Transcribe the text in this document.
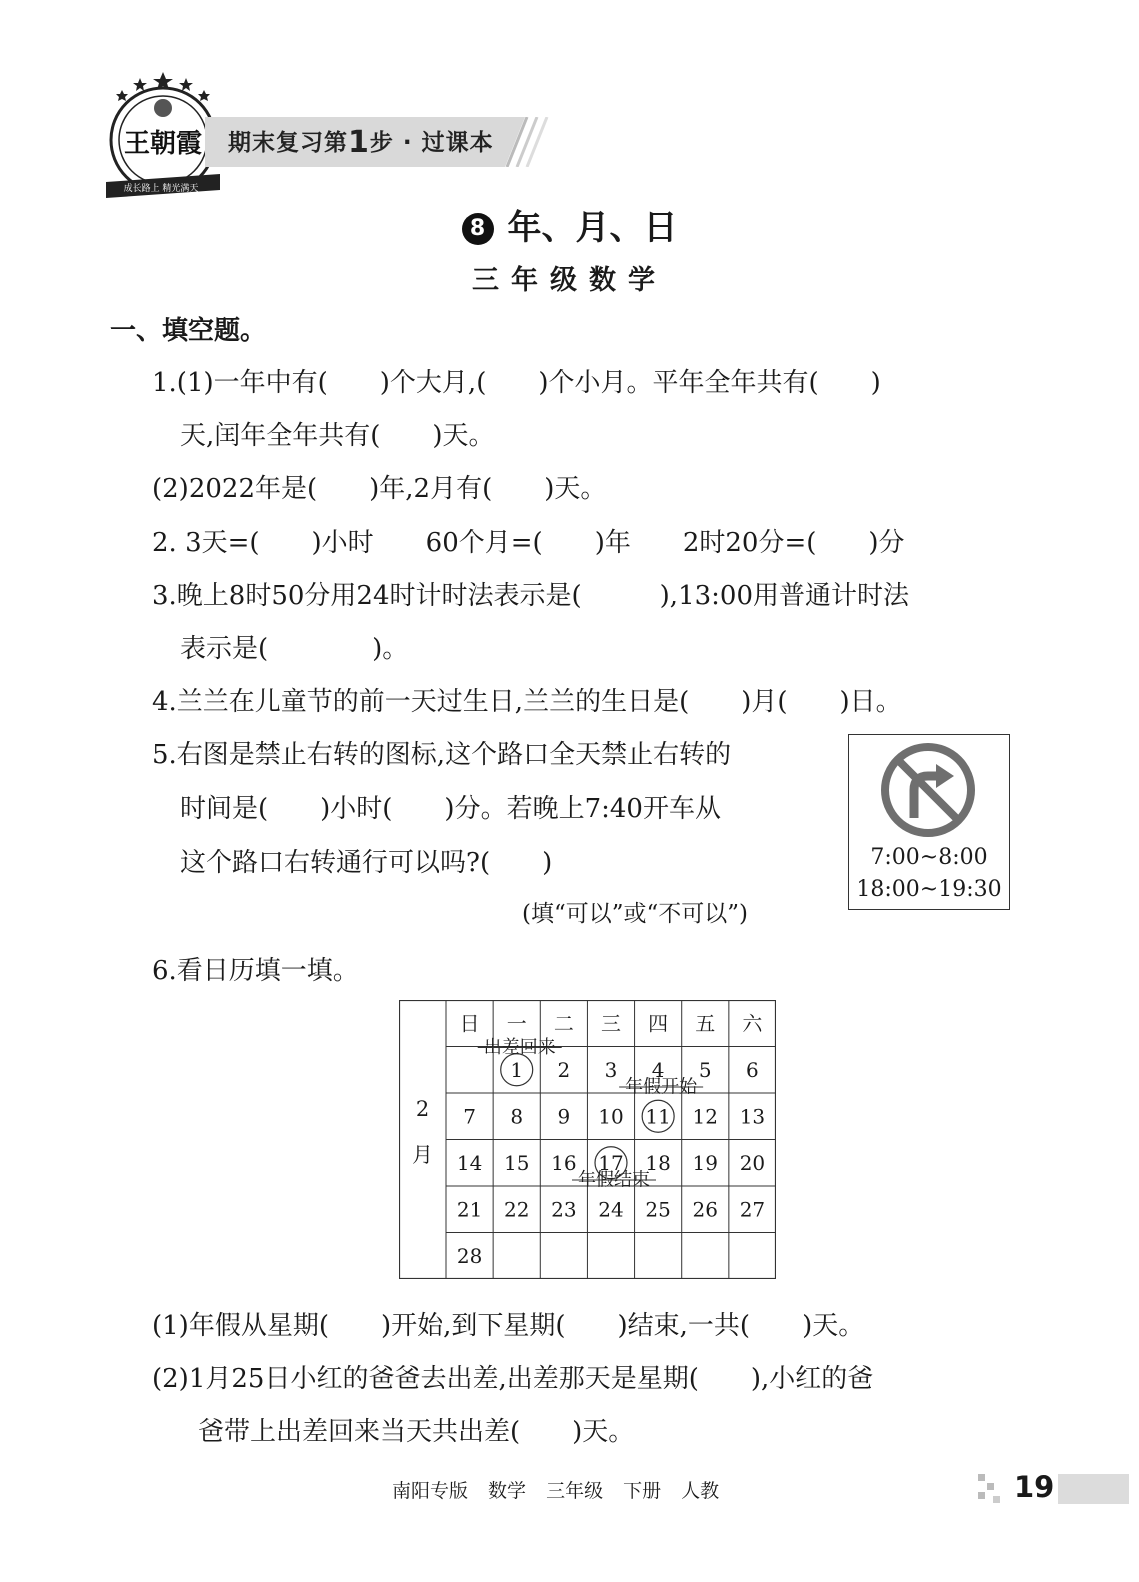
王朝霞
成长路上 精光满天
期末复习第1步 · 过课本
8 年、月、日
三年级数学
一、填空题。
1.(1)一年中有(　　)个大月,(　　)个小月。平年全年共有(　　)
天,闰年全年共有(　　)天。
(2)2022年是(　　)年,2月有(　　)天。
2. 3天=(　　)小时　　60个月=(　　)年　　2时20分=(　　)分
3.晚上8时50分用24时计时法表示是(　　　),13:00用普通计时法
表示是(　　　　)。
4.兰兰在儿童节的前一天过生日,兰兰的生日是(　　)月(　　)日。
5.右图是禁止右转的图标,这个路口全天禁止右转的
时间是(　　)小时(　　)分。若晚上7:40开车从
这个路口右转通行可以吗?(　　)
(填“可以”或“不可以”)
7:00~8:00
18:00~19:30
6.看日历填一填。
2
月
日 一 二 三 四 五 六
1 2 3 4 5 6
7 8 9 10 11 12 13
14 15 16 17 18 19 20
21 22 23 24 25 26 27
28
出差回来
年假开始
年假结束
(1)年假从星期(　　)开始,到下星期(　　)结束,一共(　　)天。
(2)1月25日小红的爸爸去出差,出差那天是星期(　　),小红的爸
爸带上出差回来当天共出差(　　)天。
南阳专版 数学 三年级 下册 人教	19
